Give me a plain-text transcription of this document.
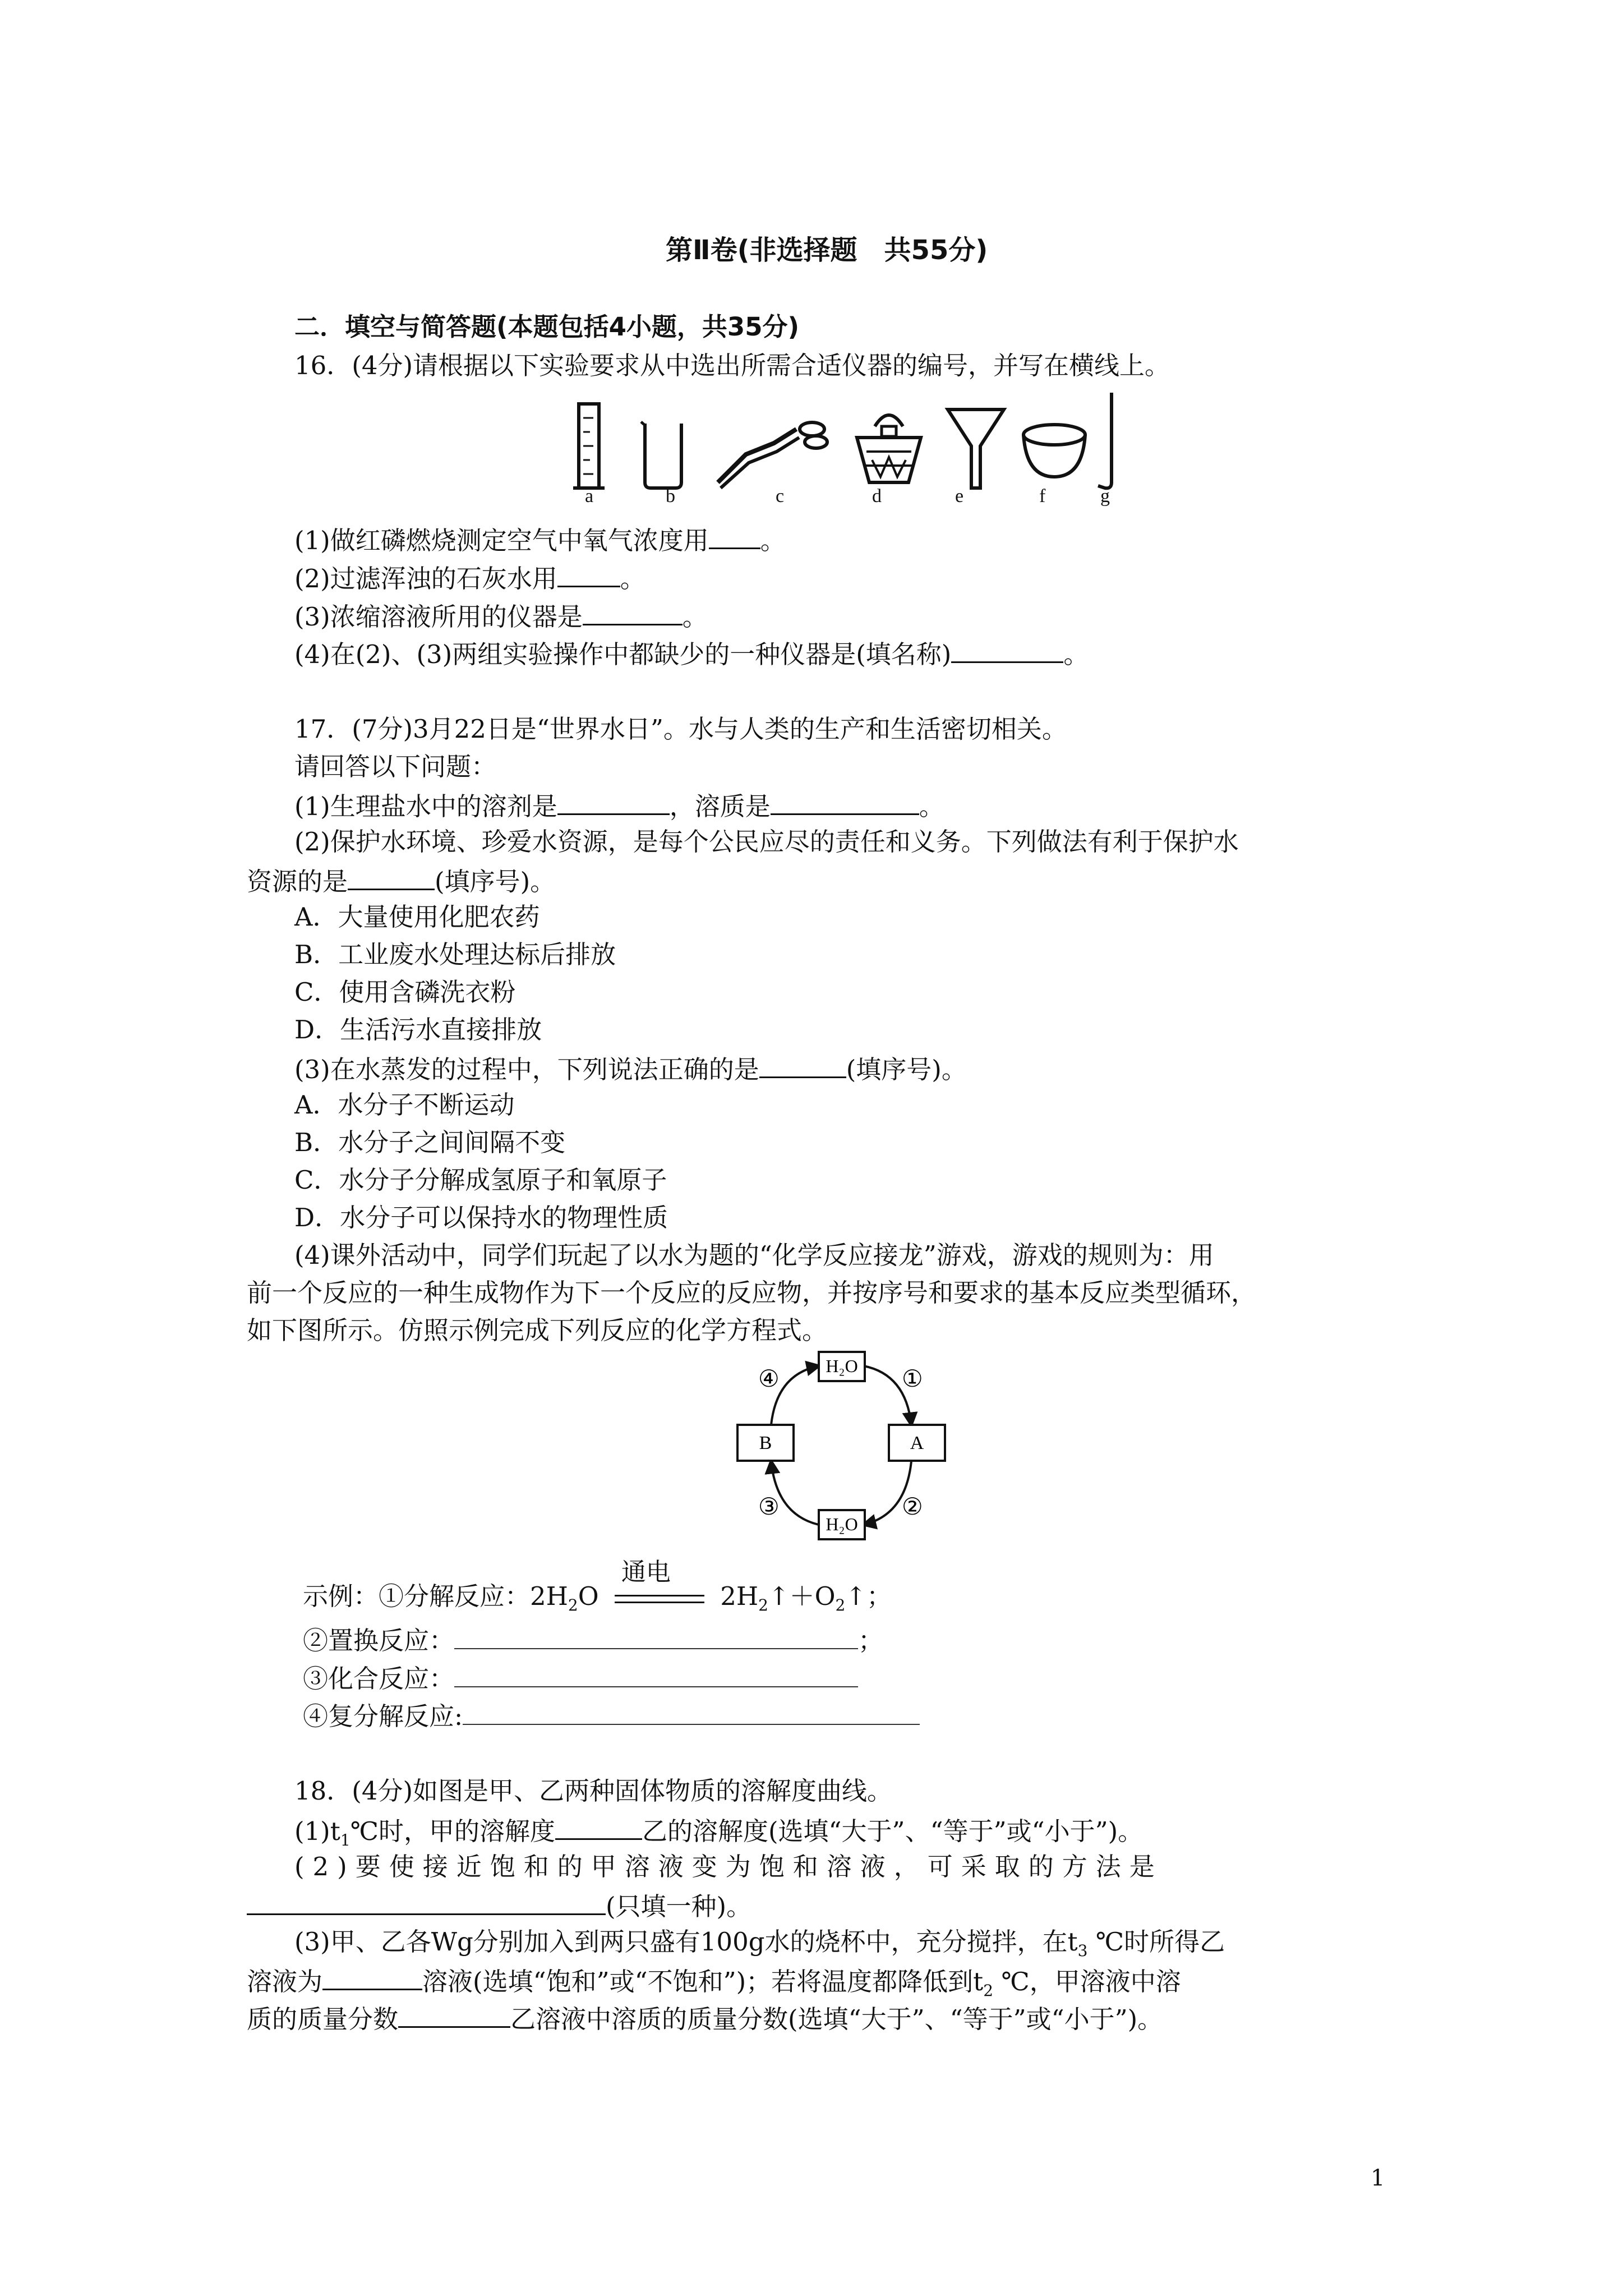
第Ⅱ卷(非选择题　共55分)
二．填空与简答题(本题包括4小题，共35分)
16．(4分)请根据以下实验要求从中选出所需合适仪器的编号，并写在横线上。
a	b	c	d	e	f	g
(1)做红磷燃烧测定空气中氧气浓度用 。
(2)过滤浑浊的石灰水用 。
(3)浓缩溶液所用的仪器是	。
(4)在(2)、(3)两组实验操作中都缺少的一种仪器是(填名称)	。
17．(7分)3月22日是“世界水日”。水与人类的生产和生活密切相关。
请回答以下问题：
(1)生理盐水中的溶剂是	，溶质是	。
(2)保护水环境、珍爱水资源，是每个公民应尽的责任和义务。下列做法有利于保护水
资源的是	(填序号)。
A．大量使用化肥农药
B．工业废水处理达标后排放
C．使用含磷洗衣粉
D．生活污水直接排放
(3)在水蒸发的过程中，下列说法正确的是	(填序号)。
A．水分子不断运动
B．水分子之间间隔不变
C．水分子分解成氢原子和氧原子
D．水分子可以保持水的物理性质
(4)课外活动中，同学们玩起了以水为题的“化学反应接龙”游戏，游戏的规则为：用
前一个反应的一种生成物作为下一个反应的反应物，并按序号和要求的基本反应类型循环，
如下图所示。仿照示例完成下列反应的化学方程式。
H₂O
A
H₂O
B
①
②
③
④
示例：①分解反应：$2H_2O$
通电
$2H_2↑+O_2↑$；
②置换反应：	；
③化合反应：
④复分解反应:
18．(4分)如图是甲、乙两种固体物质的溶解度曲线。
$(1)t_1℃$时，甲的溶解度	乙的溶解度(选填“大于”、“等于”或“小于”)。
(2)要使接近饱和的甲溶液变为饱和溶液，可采取的方法是
(只填一种)。
(3)甲、乙各Wg分别加入到两只盛有100g水的烧杯中，充分搅拌，在$t_3$ ℃时所得乙
溶液为	溶液(选填“饱和”或“不饱和”)；若将温度都降低到$t_2$ ℃，甲溶液中溶
质的质量分数	乙溶液中溶质的质量分数(选填“大于”、“等于”或“小于”)。
1
